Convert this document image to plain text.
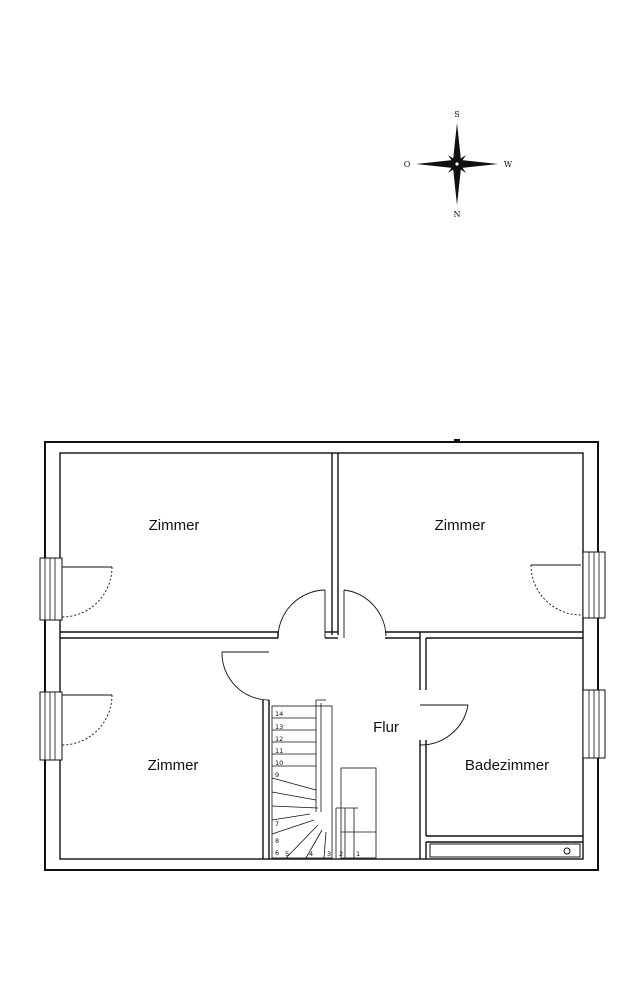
S
N
O	W
14
13
12
11
10
9
8
7
6 5	4 3 2 1
Zimmer	Zimmer
Zimmer
Flur
Badezimmer
